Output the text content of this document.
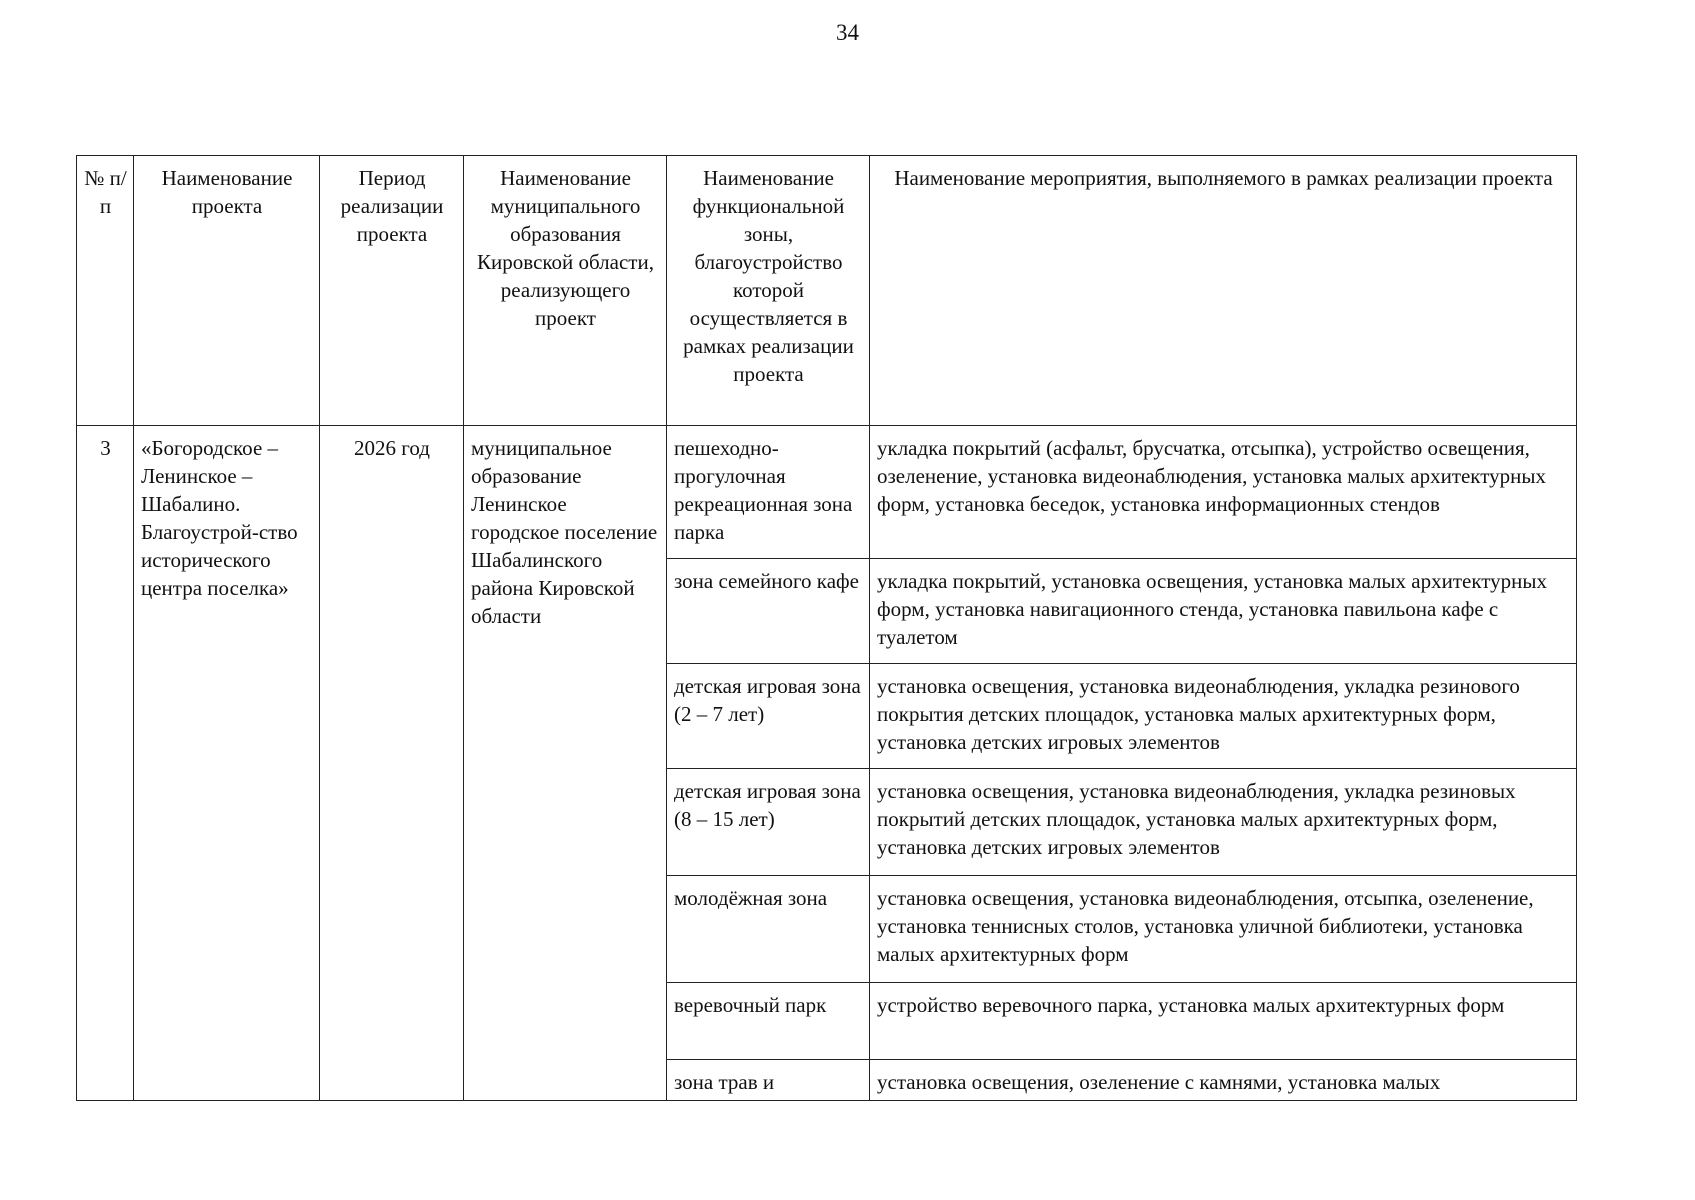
34
№ п/п	Наименование проекта	Период реализации проекта	Наименование муниципального образования Кировской области, реализующего проект	Наименование функциональной зоны, благоустройство которой осуществляется в рамках реализации проекта	Наименование мероприятия, выполняемого в рамках реализации проекта
3	«Богородское – Ленинское – Шабалино. Благоустрой-ство исторического центра поселка»	2026 год	муниципальное образование Ленинское городское поселение Шабалинского района Кировской области	пешеходно-прогулочная рекреационная зона парка	укладка покрытий (асфальт, брусчатка, отсыпка), устройство освещения, озеленение, установка видеонаблюдения, установка малых архитектурных форм, установка беседок, установка информационных стендов
				зона семейного кафе	укладка покрытий, установка освещения, установка малых архитектурных форм, установка навигационного стенда, установка павильона кафе с туалетом
				детская игровая зона (2 – 7 лет)	установка освещения, установка видеонаблюдения, укладка резинового покрытия детских площадок, установка малых архитектурных форм, установка детских игровых элементов
				детская игровая зона (8 – 15 лет)	установка освещения, установка видеонаблюдения, укладка резиновых покрытий детских площадок, установка малых архитектурных форм, установка детских игровых элементов
				молодёжная зона	установка освещения, установка видеонаблюдения, отсыпка, озеленение, установка теннисных столов, установка уличной библиотеки, установка малых архитектурных форм
				веревочный парк	устройство веревочного парка, установка малых архитектурных форм
				зона трав и	установка освещения, озеленение с камнями, установка малых
